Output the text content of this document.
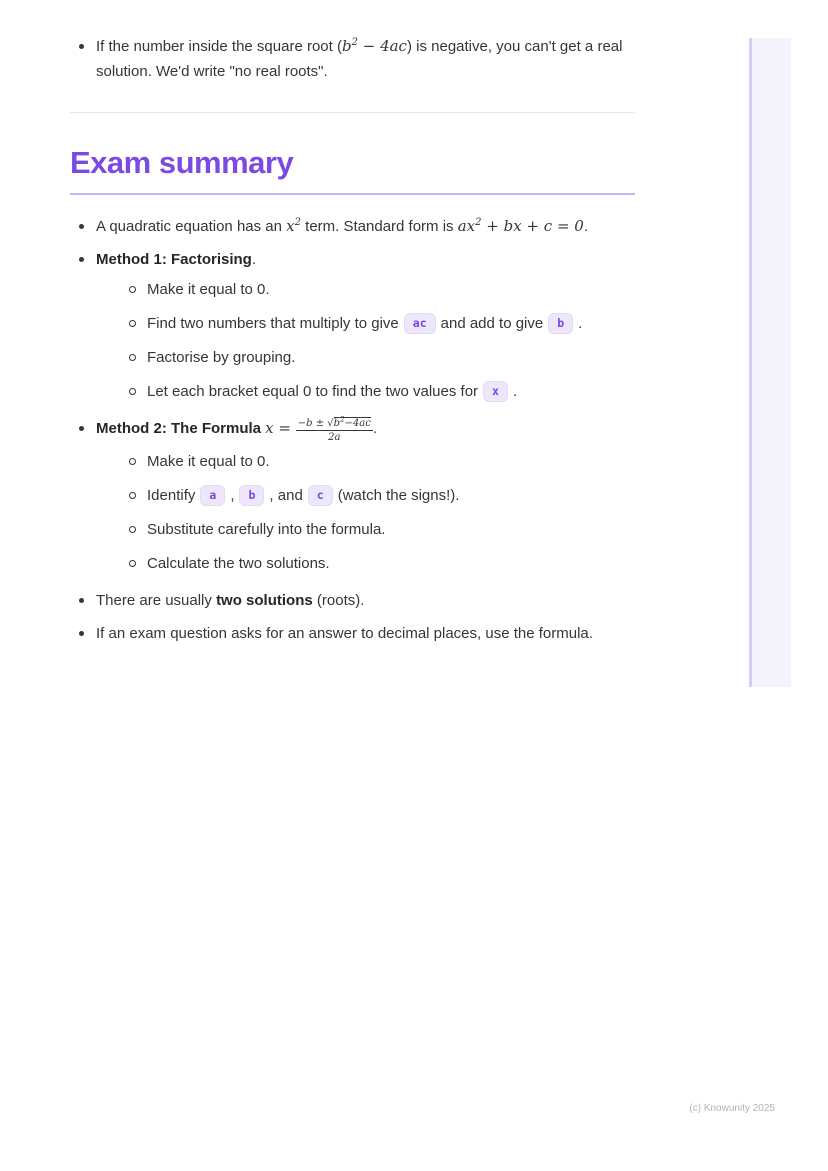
If the number inside the square root $(b^2 - 4ac)$ is negative, you can't get a real solution. We'd write "no real roots".
Exam summary
A quadratic equation has an $x^2$ term. Standard form is $ax^2$ + bx + c = 0.
Method 1: Factorising.
Make it equal to 0.
Find two numbers that multiply to give ac and add to give b .
Factorise by grouping.
Let each bracket equal 0 to find the two values for x .
Method 2: The Formula $x = \frac{-b \pm √b^2-4ac}{2a}$ .
Make it equal to 0.
Identify a , b , and c (watch the signs!).
Substitute carefully into the formula.
Calculate the two solutions.
There are usually two solutions (roots).
If an exam question asks for an answer to decimal places, use the formula.
(c) Knowunity 2025
